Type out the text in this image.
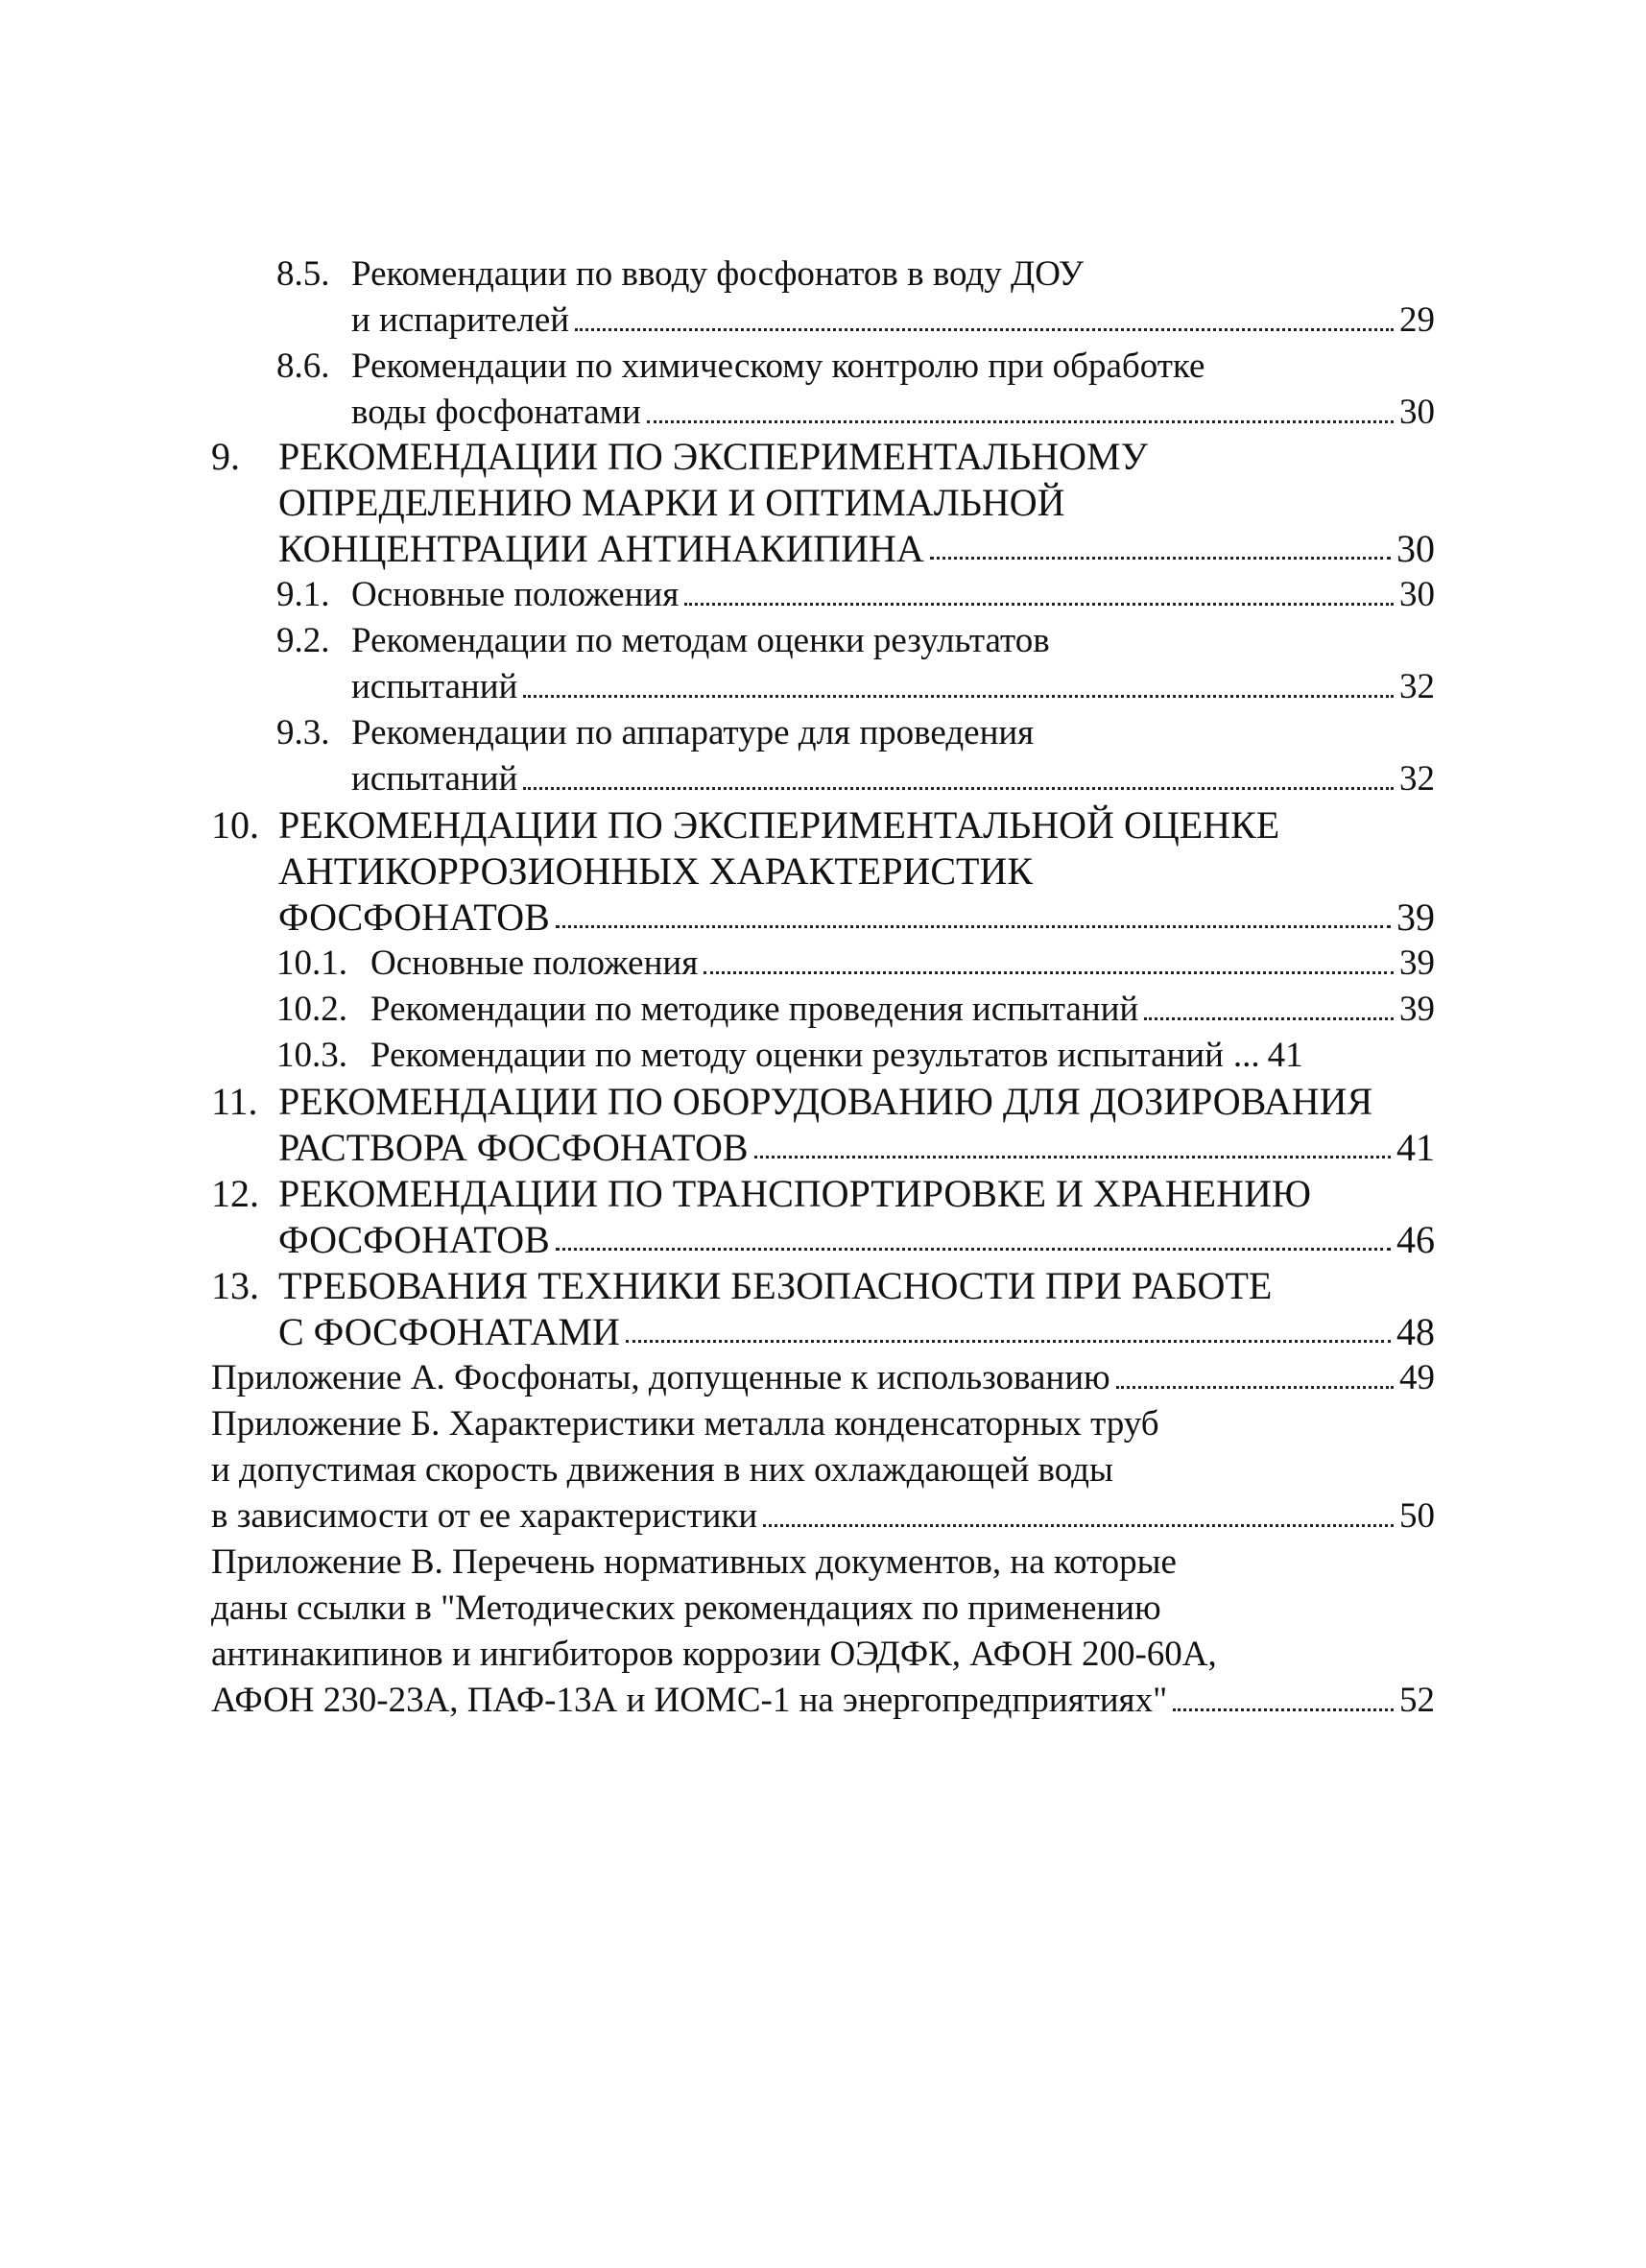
8.5. Рекомендации по вводу фосфонатов в воду ДОУ
и испарителей	29
8.6. Рекомендации по химическому контролю при обработке
воды фосфонатами	30
9. РЕКОМЕНДАЦИИ ПО ЭКСПЕРИМЕНТАЛЬНОМУ
ОПРЕДЕЛЕНИЮ МАРКИ И ОПТИМАЛЬНОЙ
КОНЦЕНТРАЦИИ АНТИНАКИПИНА	30
9.1. Основные положения	30
9.2. Рекомендации по методам оценки результатов
испытаний	32
9.3. Рекомендации по аппаратуре для проведения
испытаний	32
10. РЕКОМЕНДАЦИИ ПО ЭКСПЕРИМЕНТАЛЬНОЙ ОЦЕНКЕ
АНТИКОРРОЗИОННЫХ ХАРАКТЕРИСТИК
ФОСФОНАТОВ	39
10.1. Основные положения	39
10.2. Рекомендации по методике проведения испытаний	39
10.3. Рекомендации по методу оценки результатов испытаний ... 41
11. РЕКОМЕНДАЦИИ ПО ОБОРУДОВАНИЮ ДЛЯ ДОЗИРОВАНИЯ
РАСТВОРА ФОСФОНАТОВ	41
12. РЕКОМЕНДАЦИИ ПО ТРАНСПОРТИРОВКЕ И ХРАНЕНИЮ
ФОСФОНАТОВ	46
13. ТРЕБОВАНИЯ ТЕХНИКИ БЕЗОПАСНОСТИ ПРИ РАБОТЕ
С ФОСФОНАТАМИ	48
Приложение А. Фосфонаты, допущенные к использованию	49
Приложение Б. Характеристики металла конденсаторных труб
и допустимая скорость движения в них охлаждающей воды
в зависимости от ее характеристики	50
Приложение В. Перечень нормативных документов, на которые
даны ссылки в "Методических рекомендациях по применению
антинакипинов и ингибиторов коррозии ОЭДФК, АФОН 200-60А,
АФОН 230-23А, ПАФ-13А и ИОМС-1 на энергопредприятиях"	52
